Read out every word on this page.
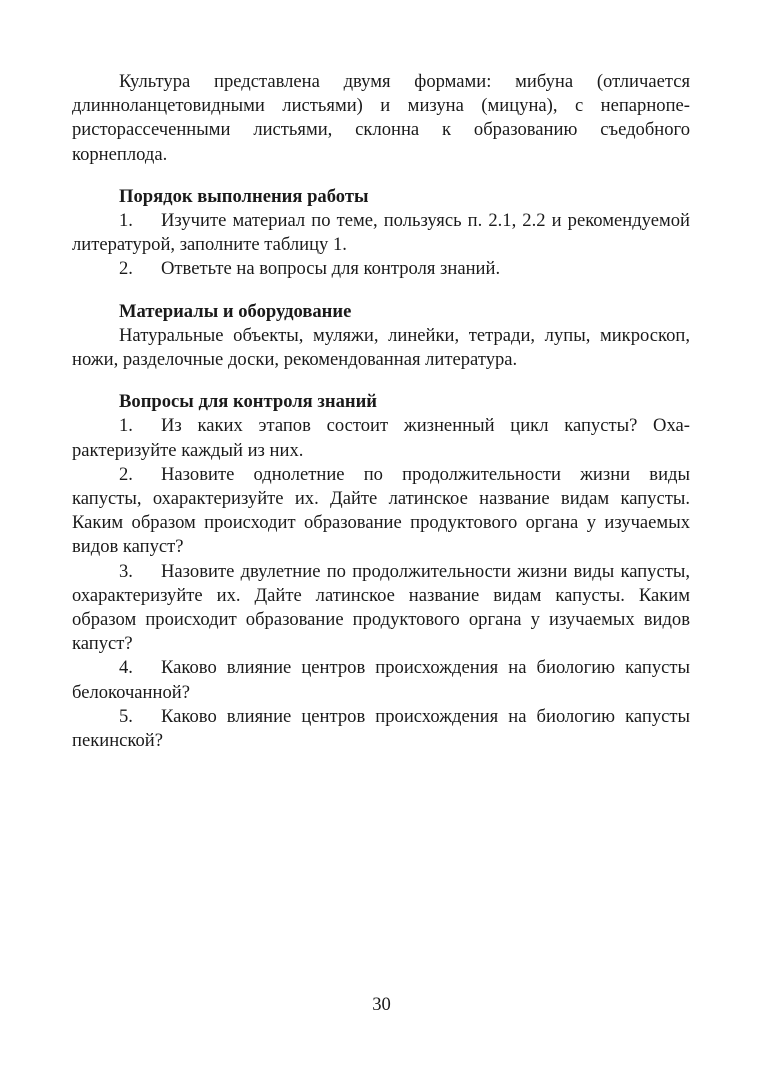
Культура представлена двумя формами: мибуна (отличается длинноланцетовидными листьями) и мизуна (мицуна), с непарноперисторассеченными листьями, склонна к образованию съедобного корнеплода.

Порядок выполнения работы

1. Изучите материал по теме, пользуясь п. 2.1, 2.2 и рекомендуемой литературой, заполните таблицу 1.

2. Ответьте на вопросы для контроля знаний.

Материалы и оборудование

Натуральные объекты, муляжи, линейки, тетради, лупы, микроскоп, ножи, разделочные доски, рекомендованная литература.

Вопросы для контроля знаний

1. Из каких этапов состоит жизненный цикл капусты? Охарактеризуйте каждый из них.

2. Назовите однолетние по продолжительности жизни виды капусты, охарактеризуйте их. Дайте латинское название видам капусты. Каким образом происходит образование продуктового органа у изучаемых видов капуст?

3. Назовите двулетние по продолжительности жизни виды капусты, охарактеризуйте их. Дайте латинское название видам капусты. Каким образом происходит образование продуктового органа у изучаемых видов капуст?

4. Каково влияние центров происхождения на биологию капусты белокочанной?

5. Каково влияние центров происхождения на биологию капусты пекинской?

30
